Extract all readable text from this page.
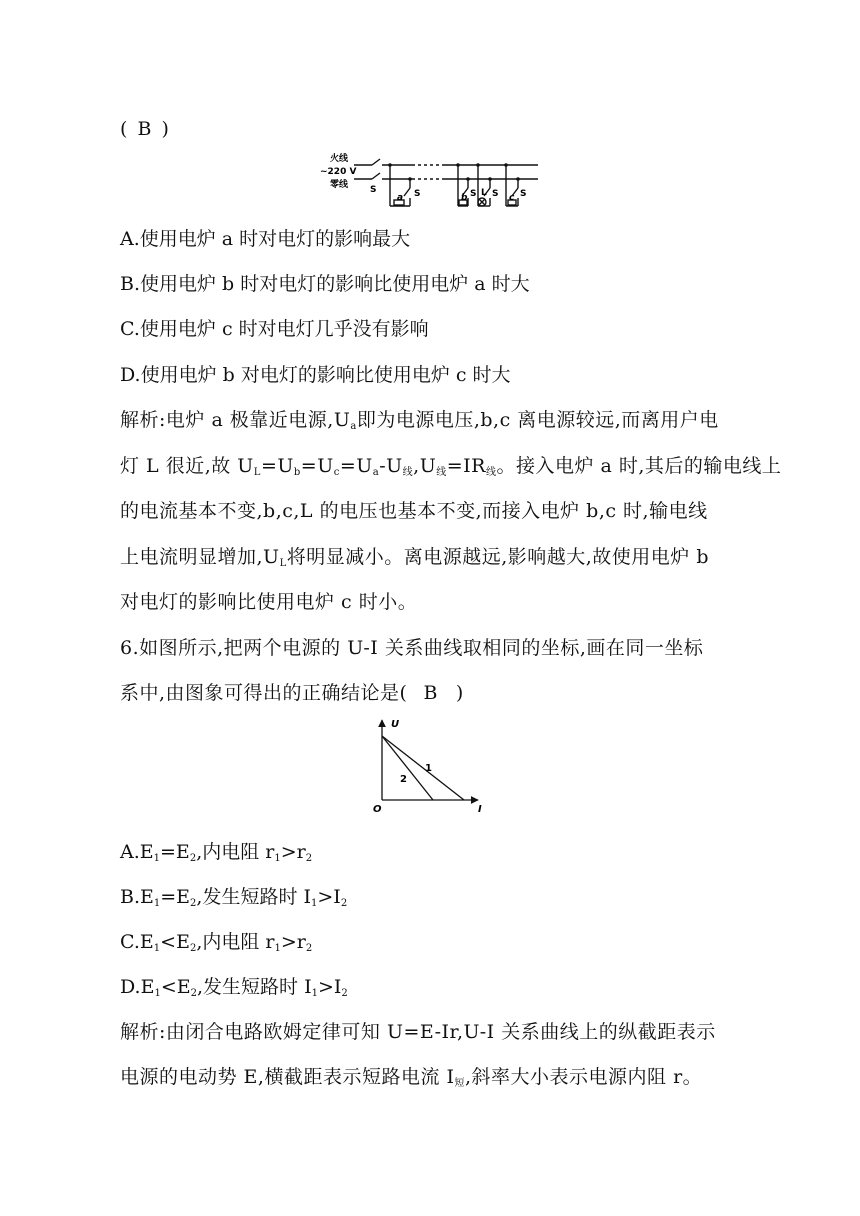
( B )
火线
~220 V
零线 S	S
a	S
b	S
L	S
c
A.使用电炉 a 时对电灯的影响最大
B.使用电炉 b 时对电灯的影响比使用电炉 a 时大
C.使用电炉 c 时对电灯几乎没有影响
D.使用电炉 b 对电灯的影响比使用电炉 c 时大
解析:电炉 a 极靠近电源$,U_a$即为电源电压,b,c 离电源较远,而离用户电
灯 L 很近,故 $U_L=U_b=U_c=U_a-U_线,U_线=IR_线$。接入电炉 a 时,其后的输电线上
的电流基本不变,b,c,L 的电压也基本不变,而接入电炉 b,c 时,输电线
上电流明显增加$,U_L$将明显减小。离电源越远,影响越大,故使用电炉 b
对电灯的影响比使用电炉 c 时小。
6.如图所示,把两个电源的 U-I 关系曲线取相同的坐标,画在同一坐标
系中,由图象可得出的正确结论是( B )
U
I
O
1
2
$A.E_1=E_2$,内电阻 $r_1>r_2$
$B.E_1=E_2$,发生短路时 $I_1>I_2$
$C.E_1<E_2$,内电阻 $r_1>r_2$
$D.E_1<E_2$,发生短路时 $I_1>I_2$
解析:由闭合电路欧姆定律可知 U=E-Ir,U-I 关系曲线上的纵截距表示
电源的电动势 E,横截距表示短路电流 $I_短$,斜率大小表示电源内阻 r。
